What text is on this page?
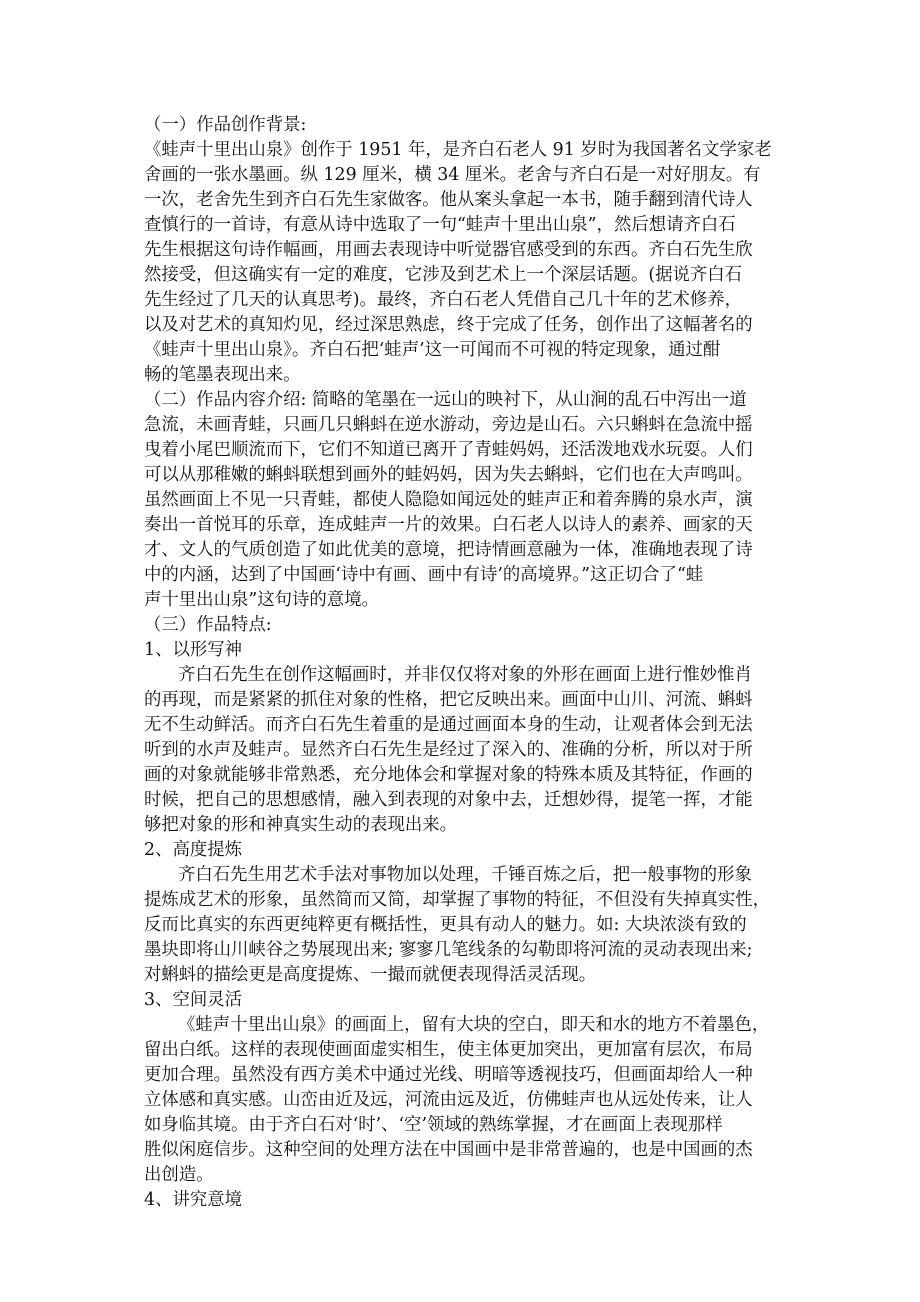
（一）作品创作背景:
《蛙声十里出山泉》创作于 1951 年，是齐白石老人 91 岁时为我国著名文学家老
舍画的一张水墨画。纵 129 厘米，横 34 厘米。老舍与齐白石是一对好朋友。有
一次，老舍先生到齐白石先生家做客。他从案头拿起一本书，随手翻到清代诗人
查慎行的一首诗，有意从诗中选取了一句“蛙声十里出山泉”，然后想请齐白石
先生根据这句诗作幅画，用画去表现诗中听觉器官感受到的东西。齐白石先生欣
然接受，但这确实有一定的难度，它涉及到艺术上一个深层话题。(据说齐白石
先生经过了几天的认真思考)。最终，齐白石老人凭借自己几十年的艺术修养，
以及对艺术的真知灼见，经过深思熟虑，终于完成了任务，创作出了这幅著名的
《蛙声十里出山泉》。齐白石把‘蛙声’这一可闻而不可视的特定现象，通过酣
畅的笔墨表现出来。
（二）作品内容介绍: 简略的笔墨在一远山的映衬下，从山涧的乱石中泻出一道
急流，未画青蛙，只画几只蝌蚪在逆水游动，旁边是山石。六只蝌蚪在急流中摇
曳着小尾巴顺流而下，它们不知道已离开了青蛙妈妈，还活泼地戏水玩耍。人们
可以从那稚嫩的蝌蚪联想到画外的蛙妈妈，因为失去蝌蚪，它们也在大声鸣叫。
虽然画面上不见一只青蛙，都使人隐隐如闻远处的蛙声正和着奔腾的泉水声，演
奏出一首悦耳的乐章，连成蛙声一片的效果。白石老人以诗人的素养、画家的天
才、文人的气质创造了如此优美的意境，把诗情画意融为一体，准确地表现了诗
中的内涵，达到了中国画‘诗中有画、画中有诗’的高境界。”这正切合了“蛙
声十里出山泉”这句诗的意境。
（三）作品特点:
1、以形写神
齐白石先生在创作这幅画时，并非仅仅将对象的外形在画面上进行惟妙惟肖
的再现，而是紧紧的抓住对象的性格，把它反映出来。画面中山川、河流、蝌蚪
无不生动鲜活。而齐白石先生着重的是通过画面本身的生动，让观者体会到无法
听到的水声及蛙声。显然齐白石先生是经过了深入的、准确的分析，所以对于所
画的对象就能够非常熟悉，充分地体会和掌握对象的特殊本质及其特征，作画的
时候，把自己的思想感情，融入到表现的对象中去，迁想妙得，提笔一挥，才能
够把对象的形和神真实生动的表现出来。
2、高度提炼
齐白石先生用艺术手法对事物加以处理，千锤百炼之后，把一般事物的形象
提炼成艺术的形象，虽然简而又简，却掌握了事物的特征，不但没有失掉真实性，
反而比真实的东西更纯粹更有概括性，更具有动人的魅力。如: 大块浓淡有致的
墨块即将山川峡谷之势展现出来; 寥寥几笔线条的勾勒即将河流的灵动表现出来;
对蝌蚪的描绘更是高度提炼、一撮而就便表现得活灵活现。
3、空间灵活
《蛙声十里出山泉》的画面上，留有大块的空白，即天和水的地方不着墨色，
留出白纸。这样的表现使画面虚实相生，使主体更加突出，更加富有层次，布局
更加合理。虽然没有西方美术中通过光线、明暗等透视技巧，但画面却给人一种
立体感和真实感。山峦由近及远，河流由远及近，仿佛蛙声也从远处传来，让人
如身临其境。由于齐白石对‘时’、‘空’领域的熟练掌握，才在画面上表现那样
胜似闲庭信步。这种空间的处理方法在中国画中是非常普遍的，也是中国画的杰
出创造。
4、讲究意境
